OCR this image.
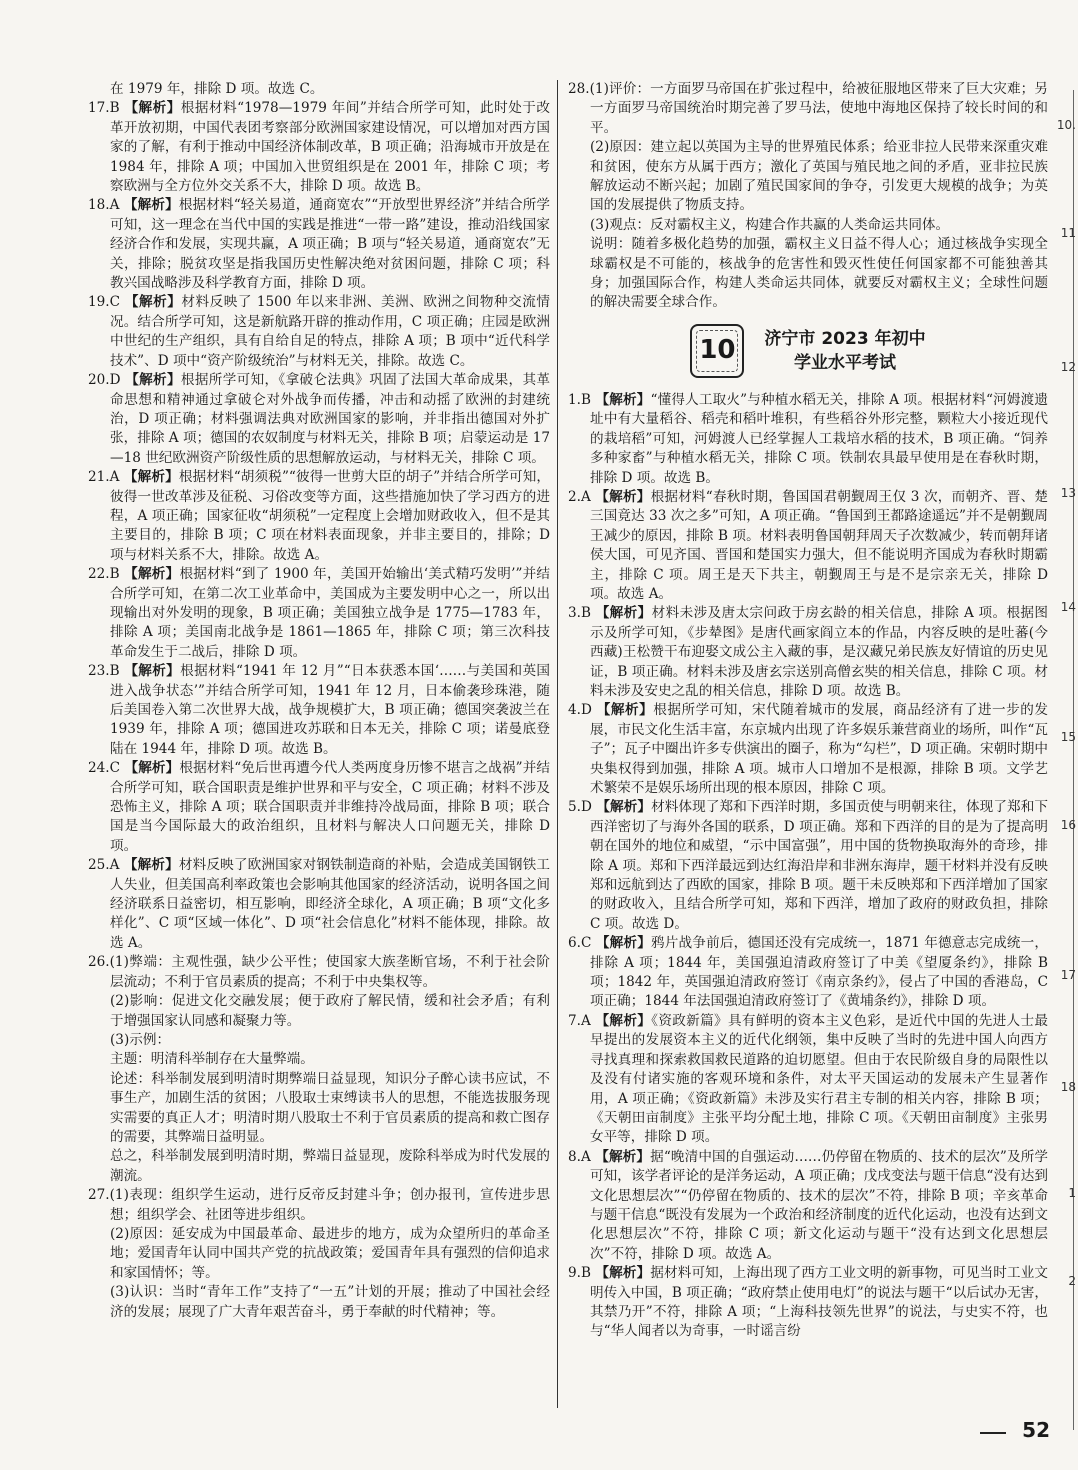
在 1979 年，排除 D 项。故选 C。
17.B 【解析】根据材料“1978—1979 年间”并结合所学可知，此时处于改革开放初期，中国代表团考察部分欧洲国家建设情况，可以增加对西方国家的了解，有利于推动中国经济体制改革，B 项正确；沿海城市开放是在 1984 年，排除 A 项；中国加入世贸组织是在 2001 年，排除 C 项；考察欧洲与全方位外交关系不大，排除 D 项。故选 B。
18.A 【解析】根据材料“轻关易道，通商宽农”“开放型世界经济”并结合所学可知，这一理念在当代中国的实践是推进“一带一路”建设，推动沿线国家经济合作和发展，实现共赢，A 项正确；B 项与“轻关易道，通商宽农”无关，排除；脱贫攻坚是指我国历史性解决绝对贫困问题，排除 C 项；科教兴国战略涉及科学教育方面，排除 D 项。
19.C 【解析】材料反映了 1500 年以来非洲、美洲、欧洲之间物种交流情况。结合所学可知，这是新航路开辟的推动作用，C 项正确；庄园是欧洲中世纪的生产组织，具有自给自足的特点，排除 A 项；B 项中“近代科学技术”、D 项中“资产阶级统治”与材料无关，排除。故选 C。
20.D 【解析】根据所学可知，《拿破仑法典》巩固了法国大革命成果，其革命思想和精神通过拿破仑对外战争而传播，冲击和动摇了欧洲的封建统治，D 项正确；材料强调法典对欧洲国家的影响，并非指出德国对外扩张，排除 A 项；德国的农奴制度与材料无关，排除 B 项；启蒙运动是 17—18 世纪欧洲资产阶级性质的思想解放运动，与材料无关，排除 C 项。
21.A 【解析】根据材料“胡须税”“彼得一世剪大臣的胡子”并结合所学可知，彼得一世改革涉及征税、习俗改变等方面，这些措施加快了学习西方的进程，A 项正确；国家征收“胡须税”一定程度上会增加财政收入，但不是其主要目的，排除 B 项；C 项在材料表面现象，并非主要目的，排除；D 项与材料关系不大，排除。故选 A。
22.B 【解析】根据材料“到了 1900 年，美国开始输出‘美式精巧发明’”并结合所学可知，在第二次工业革命中，美国成为主要发明中心之一，所以出现输出对外发明的现象，B 项正确；美国独立战争是 1775—1783 年，排除 A 项；美国南北战争是 1861—1865 年，排除 C 项；第三次科技革命发生于二战后，排除 D 项。
23.B 【解析】根据材料“1941 年 12 月”“日本获悉本国‘……与美国和英国进入战争状态’”并结合所学可知，1941 年 12 月，日本偷袭珍珠港，随后美国卷入第二次世界大战，战争规模扩大，B 项正确；德国突袭波兰在 1939 年，排除 A 项；德国进攻苏联和日本无关，排除 C 项；诺曼底登陆在 1944 年，排除 D 项。故选 B。
24.C 【解析】根据材料“免后世再遭今代人类两度身历惨不堪言之战祸”并结合所学可知，联合国职责是维护世界和平与安全，C 项正确；材料不涉及恐怖主义，排除 A 项；联合国职责并非维持冷战局面，排除 B 项；联合国是当今国际最大的政治组织，且材料与解决人口问题无关，排除 D 项。
25.A 【解析】材料反映了欧洲国家对钢铁制造商的补贴，会造成美国钢铁工人失业，但美国高利率政策也会影响其他国家的经济活动，说明各国之间经济联系日益密切，相互影响，即经济全球化，A 项正确；B 项“文化多样化”、C 项“区域一体化”、D 项“社会信息化”材料不能体现，排除。故选 A。
26.(1)弊端：主观性强，缺少公平性；使国家大族垄断官场，不利于社会阶层流动；不利于官员素质的提高；不利于中央集权等。
(2)影响：促进文化交融发展；便于政府了解民情，缓和社会矛盾；有利于增强国家认同感和凝聚力等。
(3)示例：
主题：明清科举制存在大量弊端。
论述：科举制发展到明清时期弊端日益显现，知识分子醉心读书应试，不事生产，加剧生活的贫困；八股取士束缚读书人的思想，不能选拔服务现实需要的真正人才；明清时期八股取士不利于官员素质的提高和救亡图存的需要，其弊端日益明显。
总之，科举制发展到明清时期，弊端日益显现，废除科举成为时代发展的潮流。
27.(1)表现：组织学生运动，进行反帝反封建斗争；创办报刊，宣传进步思想；组织学会、社团等进步组织。
(2)原因：延安成为中国最革命、最进步的地方，成为众望所归的革命圣地；爱国青年认同中国共产党的抗战政策；爱国青年具有强烈的信仰追求和家国情怀；等。
(3)认识：当时“青年工作”支持了“一五”计划的开展；推动了中国社会经济的发展；展现了广大青年艰苦奋斗，勇于奉献的时代精神；等。
28.(1)评价：一方面罗马帝国在扩张过程中，给被征服地区带来了巨大灾难；另一方面罗马帝国统治时期完善了罗马法，使地中海地区保持了较长时间的和平。
(2)原因：建立起以英国为主导的世界殖民体系；给亚非拉人民带来深重灾难和贫困，使东方从属于西方；激化了英国与殖民地之间的矛盾，亚非拉民族解放运动不断兴起；加剧了殖民国家间的争夺，引发更大规模的战争；为英国的发展提供了物质支持。
(3)观点：反对霸权主义，构建合作共赢的人类命运共同体。
说明：随着多极化趋势的加强，霸权主义日益不得人心；通过核战争实现全球霸权是不可能的，核战争的危害性和毁灭性使任何国家都不可能独善其身；加强国际合作，构建人类命运共同体，就要反对霸权主义；全球性问题的解决需要全球合作。
10 济宁市 2023 年初中
学业水平考试
1.B 【解析】“懂得人工取火”与种植水稻无关，排除 A 项。根据材料“河姆渡遗址中有大量稻谷、稻壳和稻叶堆积，有些稻谷外形完整，颗粒大小接近现代的栽培稻”可知，河姆渡人已经掌握人工栽培水稻的技术，B 项正确。“饲养多种家畜”与种植水稻无关，排除 C 项。铁制农具最早使用是在春秋时期，排除 D 项。故选 B。
2.A 【解析】根据材料“春秋时期，鲁国国君朝觐周王仅 3 次，而朝齐、晋、楚三国竟达 33 次之多”可知，A 项正确。“鲁国到王都路途遥远”并不是朝觐周王减少的原因，排除 B 项。材料表明鲁国朝拜周天子次数减少，转而朝拜诸侯大国，可见齐国、晋国和楚国实力强大，但不能说明齐国成为春秋时期霸主，排除 C 项。周王是天下共主，朝觐周王与是不是宗亲无关，排除 D 项。故选 A。
3.B 【解析】材料未涉及唐太宗问政于房玄龄的相关信息，排除 A 项。根据图示及所学可知，《步辇图》是唐代画家阎立本的作品，内容反映的是吐蕃(今西藏)王松赞干布迎娶文成公主入藏的事，是汉藏兄弟民族友好情谊的历史见证，B 项正确。材料未涉及唐玄宗送别高僧玄奘的相关信息，排除 C 项。材料未涉及安史之乱的相关信息，排除 D 项。故选 B。
4.D 【解析】根据所学可知，宋代随着城市的发展，商品经济有了进一步的发展，市民文化生活丰富，东京城内出现了许多娱乐兼营商业的场所，叫作“瓦子”；瓦子中圈出许多专供演出的圈子，称为“勾栏”，D 项正确。宋朝时期中央集权得到加强，排除 A 项。城市人口增加不是根源，排除 B 项。文学艺术繁荣不是娱乐场所出现的根本原因，排除 C 项。
5.D 【解析】材料体现了郑和下西洋时期，多国贡使与明朝来往，体现了郑和下西洋密切了与海外各国的联系，D 项正确。郑和下西洋的目的是为了提高明朝在国外的地位和威望，“示中国富强”，用中国的货物换取海外的奇珍，排除 A 项。郑和下西洋最远到达红海沿岸和非洲东海岸，题干材料并没有反映郑和远航到达了西欧的国家，排除 B 项。题干未反映郑和下西洋增加了国家的财政收入，且结合所学可知，郑和下西洋，增加了政府的财政负担，排除 C 项。故选 D。
6.C 【解析】鸦片战争前后，德国还没有完成统一，1871 年德意志完成统一，排除 A 项；1844 年，美国强迫清政府签订了中美《望厦条约》，排除 B 项；1842 年，英国强迫清政府签订《南京条约》，侵占了中国的香港岛，C 项正确；1844 年法国强迫清政府签订了《黄埔条约》，排除 D 项。
7.A 【解析】《资政新篇》具有鲜明的资本主义色彩，是近代中国的先进人士最早提出的发展资本主义的近代化纲领，集中反映了当时的先进中国人向西方寻找真理和探索救国救民道路的迫切愿望。但由于农民阶级自身的局限性以及没有付诸实施的客观环境和条件，对太平天国运动的发展未产生显著作用，A 项正确；《资政新篇》未涉及实行君主专制的相关内容，排除 B 项；《天朝田亩制度》主张平均分配土地，排除 C 项。《天朝田亩制度》主张男女平等，排除 D 项。
8.A 【解析】据“晚清中国的自强运动……仍停留在物质的、技术的层次”及所学可知，该学者评论的是洋务运动，A 项正确；戊戌变法与题干信息“没有达到文化思想层次”“仍停留在物质的、技术的层次”不符，排除 B 项；辛亥革命与题干信息“既没有发展为一个政治和经济制度的近代化运动，也没有达到文化思想层次”不符，排除 C 项；新文化运动与题干“没有达到文化思想层次”不符，排除 D 项。故选 A。
9.B 【解析】据材料可知，上海出现了西方工业文明的新事物，可见当时工业文明传入中国，B 项正确；“政府禁止使用电灯”的说法与题干“以后试办无害，其禁乃开”不符，排除 A 项；“上海科技领先世界”的说法，与史实不符，也与“华人闻者以为奇事，一时谣言纷
10.
11
12
13
14
15
16
17
18
1
2
52
